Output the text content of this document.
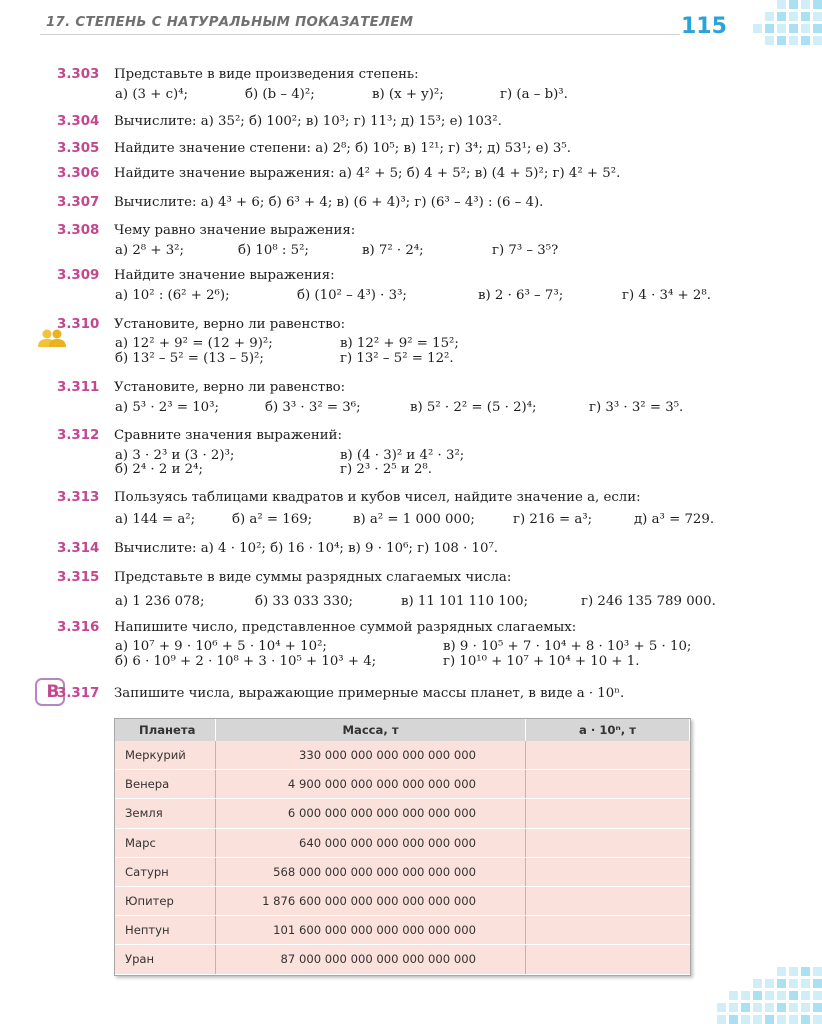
17. СТЕПЕНЬ С НАТУРАЛЬНЫМ ПОКАЗАТЕЛЕМ	115
3.303 Представьте в виде произведения степень:
а) (3 + c)⁴;	б) (b – 4)²;	в) (x + y)²;	г) (a – b)³.
3.304 Вычислите: а) 35²; б) 100²; в) 10³; г) 11³; д) 15³; е) 103².
3.305 Найдите значение степени: а) 2⁸; б) 10⁵; в) 1²¹; г) 3⁴; д) 53¹; е) 3⁵.
3.306 Найдите значение выражения: а) 4² + 5; б) 4 + 5²; в) (4 + 5)²; г) 4² + 5².
3.307 Вычислите: а) 4³ + 6; б) 6³ + 4; в) (6 + 4)³; г) (6³ – 4³) : (6 – 4).
3.308 Чему равно значение выражения:
а) 2⁸ + 3²;	б) 10⁸ : 5²;	в) 7² · 2⁴;	г) 7³ – 3⁵?
3.309 Найдите значение выражения:
а) 10² : (6² + 2⁶);	б) (10² – 4³) · 3³;	в) 2 · 6³ – 7³;	г) 4 · 3⁴ + 2⁸.
3.310 Установите, верно ли равенство:
а) 12² + 9² = (12 + 9)²;
б) 13² – 5² = (13 – 5)²;
в) 12² + 9² = 15²;
г) 13² – 5² = 12².
3.311 Установите, верно ли равенство:
а) 5³ · 2³ = 10³;	б) 3³ · 3² = 3⁶;	в) 5² · 2² = (5 · 2)⁴;	г) 3³ · 3² = 3⁵.
3.312 Сравните значения выражений:
а) 3 · 2³ и (3 · 2)³;
б) 2⁴ · 2 и 2⁴;
в) (4 · 3)² и 4² · 3²;
г) 2³ · 2⁵ и 2⁸.
3.313 Пользуясь таблицами квадратов и кубов чисел, найдите значение a, если:
а) 144 = a²;	б) a² = 169;	в) a² = 1 000 000;	г) 216 = a³;	д) a³ = 729.
3.314 Вычислите: а) 4 · 10²; б) 16 · 10⁴; в) 9 · 10⁶; г) 108 · 10⁷.
3.315 Представьте в виде суммы разрядных слагаемых числа:
а) 1 236 078;	б) 33 033 330;	в) 11 101 110 100;	г) 246 135 789 000.
3.316 Напишите число, представленное суммой разрядных слагаемых:
а) 10⁷ + 9 · 10⁶ + 5 · 10⁴ + 10²;
б) 6 · 10⁹ + 2 · 10⁸ + 3 · 10⁵ + 10³ + 4;
в) 9 · 10⁵ + 7 · 10⁴ + 8 · 10³ + 5 · 10;
г) 10¹⁰ + 10⁷ + 10⁴ + 10 + 1.
В
3.317 Запишите числа, выражающие примерные массы планет, в виде a · 10ⁿ.
Планета	Масса, т	a · 10ⁿ, т
Меркурий	330 000 000 000 000 000 000	
Венера	4 900 000 000 000 000 000 000	
Земля	6 000 000 000 000 000 000 000	
Марс	640 000 000 000 000 000 000	
Сатурн	568 000 000 000 000 000 000 000	
Юпитер	1 876 600 000 000 000 000 000 000	
Нептун	101 600 000 000 000 000 000 000	
Уран	87 000 000 000 000 000 000 000	
